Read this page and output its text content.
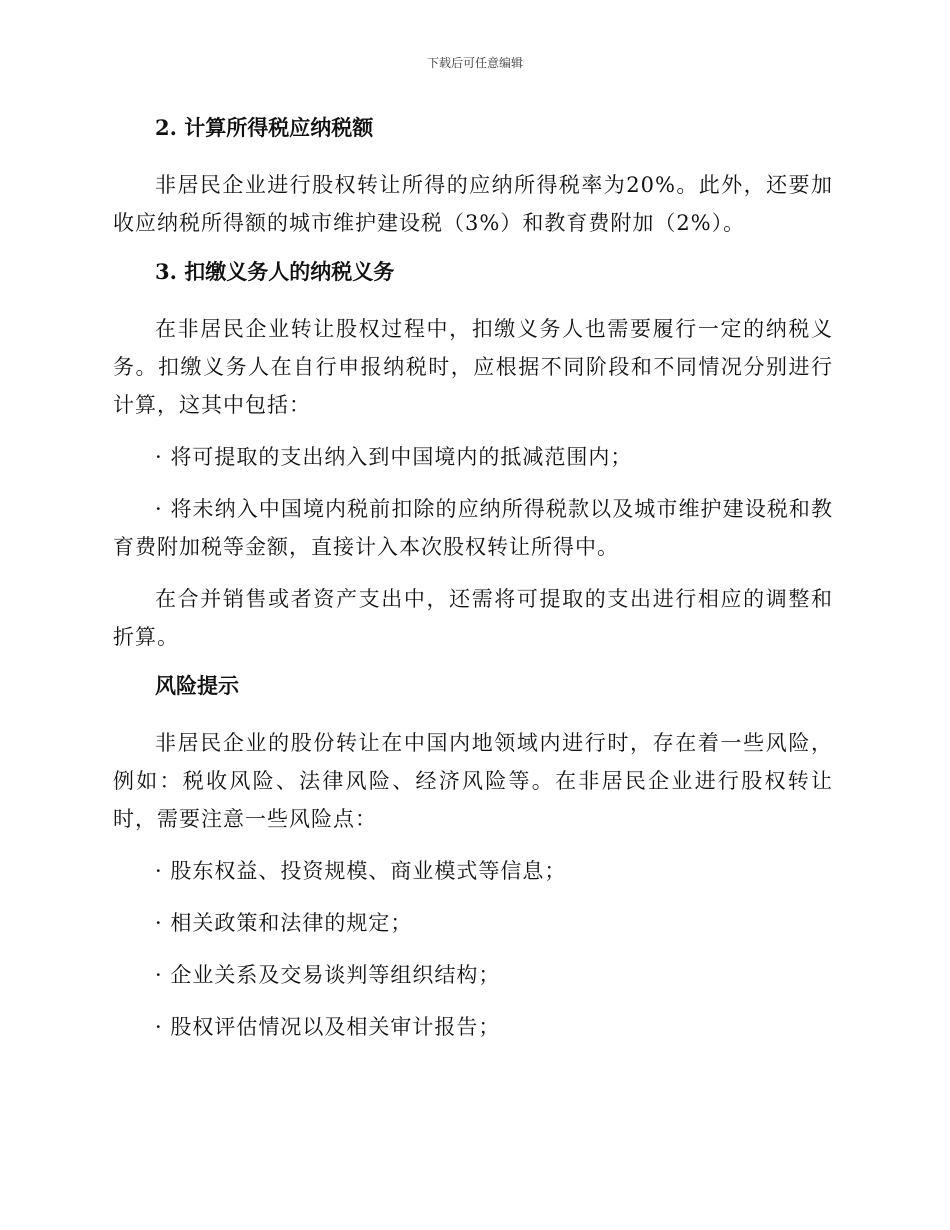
下载后可任意编辑
2. 计算所得税应纳税额
非居民企业进行股权转让所得的应纳所得税率为20%。此外，还要加收应纳税所得额的城市维护建设税（3%）和教育费附加（2%）。
3. 扣缴义务人的纳税义务
在非居民企业转让股权过程中，扣缴义务人也需要履行一定的纳税义务。扣缴义务人在自行申报纳税时，应根据不同阶段和不同情况分别进行计算，这其中包括：
· 将可提取的支出纳入到中国境内的抵减范围内；
· 将未纳入中国境内税前扣除的应纳所得税款以及城市维护建设税和教育费附加税等金额，直接计入本次股权转让所得中。
在合并销售或者资产支出中，还需将可提取的支出进行相应的调整和折算。
风险提示
非居民企业的股份转让在中国内地领域内进行时，存在着一些风险，例如：税收风险、法律风险、经济风险等。在非居民企业进行股权转让时，需要注意一些风险点：
· 股东权益、投资规模、商业模式等信息；
· 相关政策和法律的规定；
· 企业关系及交易谈判等组织结构；
· 股权评估情况以及相关审计报告；
